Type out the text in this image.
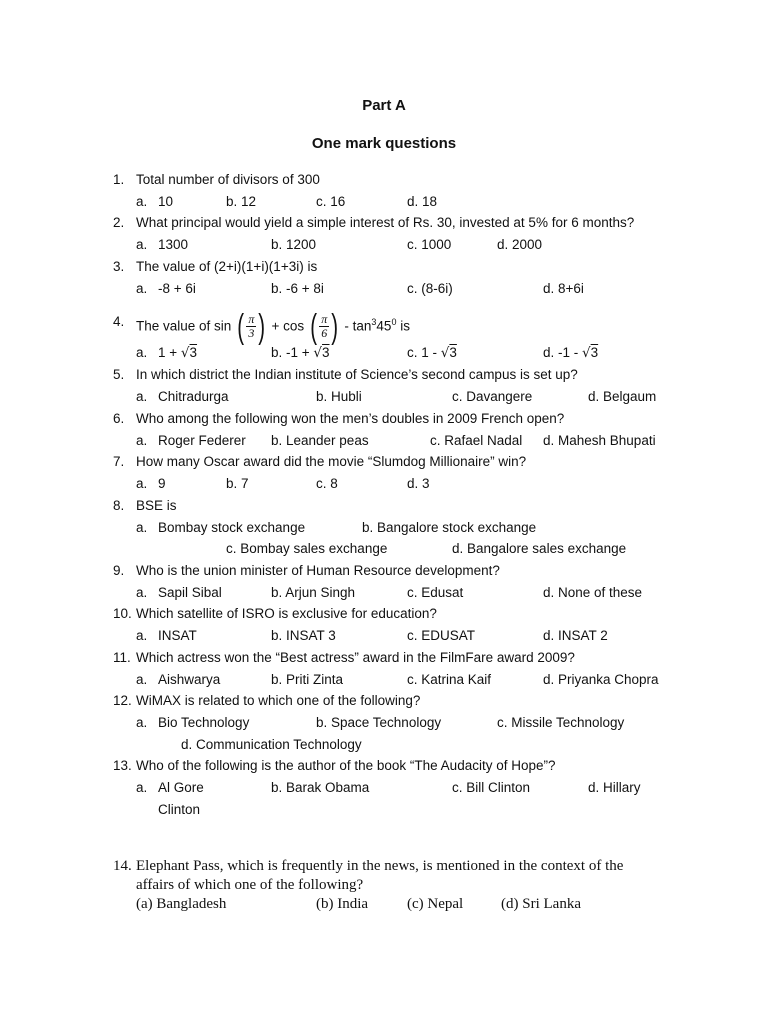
Part A
One mark questions
1. Total number of divisors of 300
a. 10	b. 12	c. 16	d. 18
2. What principal would yield a simple interest of Rs. 30, invested at 5% for 6 months?
a. 1300	b. 1200	c. 1000	d. 2000
3. The value of (2+i)(1+i)(1+3i) is
a. -8 + 6i	b. -6 + 8i	c. (8-6i)	d. 8+6i
4. The value of sin ( $\frac{\pi}{3}$ ) + cos ( $\frac{\pi}{6}$ ) - $\tan^345^0$ is
a. 1 + √3	b. -1 + √3	c. 1 - √3	d. -1 - √3
5. In which district the Indian institute of Science’s second campus is set up?
a. Chitradurga	b. Hubli	c. Davangere	d. Belgaum
6. Who among the following won the men’s doubles in 2009 French open?
a. Roger Federer b. Leander peas	c. Rafael Nadal d. Mahesh Bhupati
7. How many Oscar award did the movie “Slumdog Millionaire” win?
a. 9	b. 7	c. 8	d. 3
8. BSE is
a. Bombay stock exchange	b. Bangalore stock exchange
c. Bombay sales exchange	d. Bangalore sales exchange
9. Who is the union minister of Human Resource development?
a. Sapil Sibal	b. Arjun Singh	c. Edusat	d. None of these
10. Which satellite of ISRO is exclusive for education?
a. INSAT	b. INSAT 3	c. EDUSAT	d. INSAT 2
11. Which actress won the “Best actress” award in the FilmFare award 2009?
a. Aishwarya	b. Priti Zinta	c. Katrina Kaif	d. Priyanka Chopra
12. WiMAX is related to which one of the following?
a. Bio Technology	b. Space Technology	c. Missile Technology
d. Communication Technology
13. Who of the following is the author of the book “The Audacity of Hope”?
a. Al Gore	b. Barak Obama	c. Bill Clinton	d. Hillary
Clinton
14. Elephant Pass, which is frequently in the news, is mentioned in the context of the
affairs of which one of the following?
(a) Bangladesh	(b) India	(c) Nepal	(d) Sri Lanka
